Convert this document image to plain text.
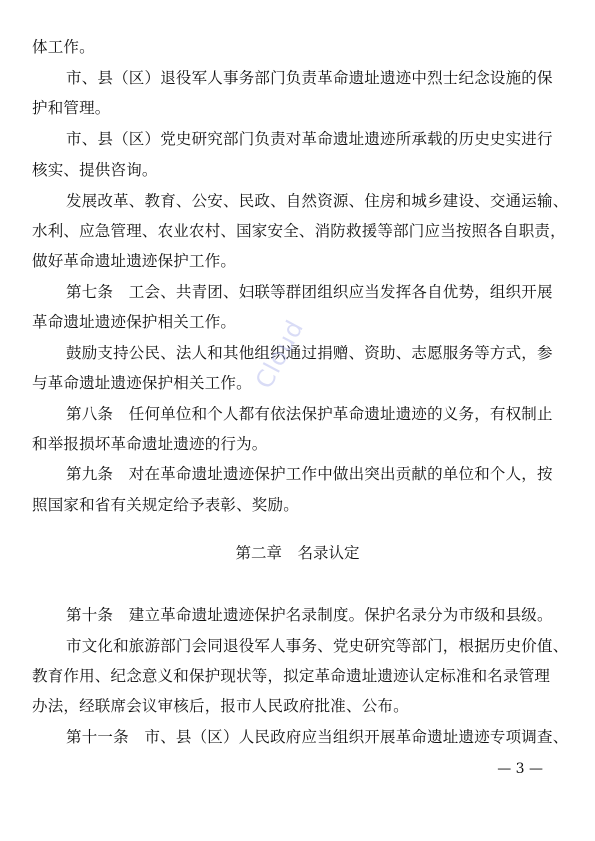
体工作。
市、县（区）退役军人事务部门负责革命遗址遗迹中烈士纪念设施的保
护和管理。
市、县（区）党史研究部门负责对革命遗址遗迹所承载的历史史实进行
核实、提供咨询。
发展改革、教育、公安、民政、自然资源、住房和城乡建设、交通运输、
水利、应急管理、农业农村、国家安全、消防救援等部门应当按照各自职责，
做好革命遗址遗迹保护工作。
第七条　工会、共青团、妇联等群团组织应当发挥各自优势，组织开展
革命遗址遗迹保护相关工作。
鼓励支持公民、法人和其他组织通过捐赠、资助、志愿服务等方式，参
与革命遗址遗迹保护相关工作。
第八条　任何单位和个人都有依法保护革命遗址遗迹的义务，有权制止
和举报损坏革命遗址遗迹的行为。
第九条　对在革命遗址遗迹保护工作中做出突出贡献的单位和个人，按
照国家和省有关规定给予表彰、奖励。
第二章　名录认定
第十条　建立革命遗址遗迹保护名录制度。保护名录分为市级和县级。
市文化和旅游部门会同退役军人事务、党史研究等部门，根据历史价值、
教育作用、纪念意义和保护现状等，拟定革命遗址遗迹认定标准和名录管理
办法，经联席会议审核后，报市人民政府批准、公布。
第十一条　市、县（区）人民政府应当组织开展革命遗址遗迹专项调查、
— 3 —
Cloud
